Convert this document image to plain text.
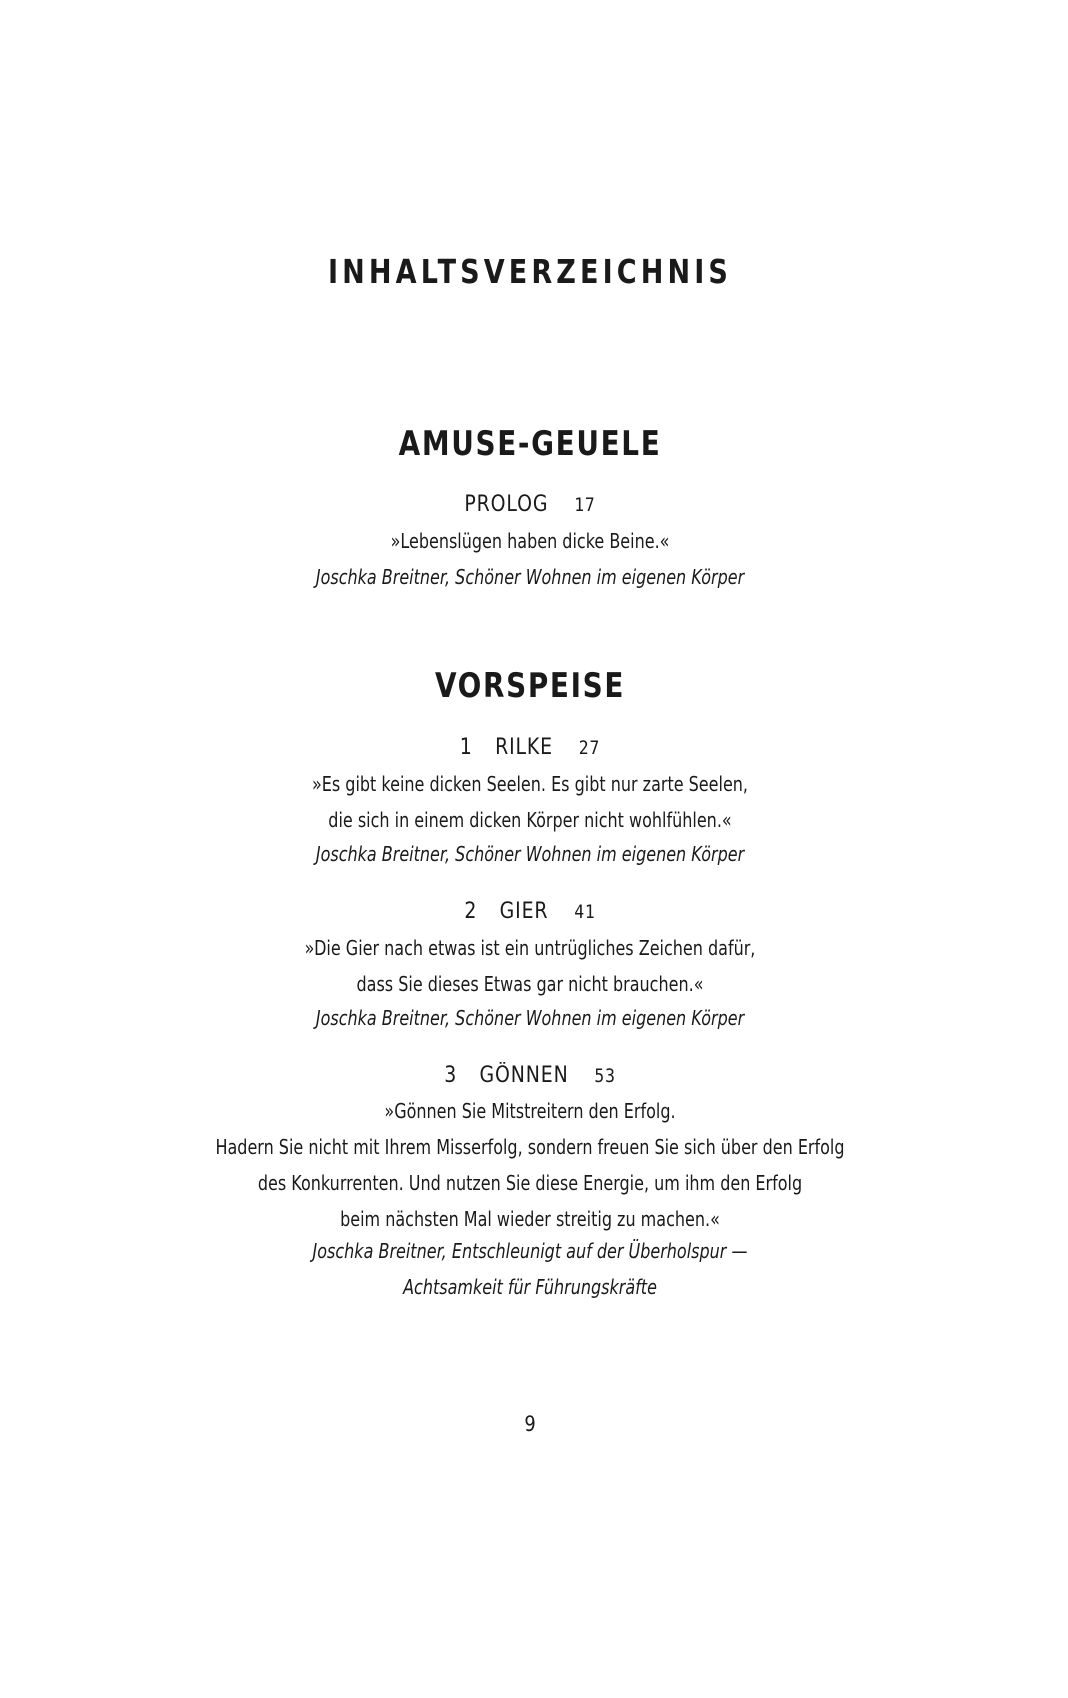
INHALTSVERZEICHNIS
AMUSE-GEUELE
PROLOG 17
»Lebenslügen haben dicke Beine.«
Joschka Breitner, Schöner Wohnen im eigenen Körper
VORSPEISE
1 RILKE 27
»Es gibt keine dicken Seelen. Es gibt nur zarte Seelen,
die sich in einem dicken Körper nicht wohlfühlen.«
Joschka Breitner, Schöner Wohnen im eigenen Körper
2 GIER 41
»Die Gier nach etwas ist ein untrügliches Zeichen dafür,
dass Sie dieses Etwas gar nicht brauchen.«
Joschka Breitner, Schöner Wohnen im eigenen Körper
3 GÖNNEN 53
»Gönnen Sie Mitstreitern den Erfolg.
Hadern Sie nicht mit Ihrem Misserfolg, sondern freuen Sie sich über den Erfolg
des Konkurrenten. Und nutzen Sie diese Energie, um ihm den Erfolg
beim nächsten Mal wieder streitig zu machen.«
Joschka Breitner, Entschleunigt auf der Überholspur —
Achtsamkeit für Führungskräfte
9
